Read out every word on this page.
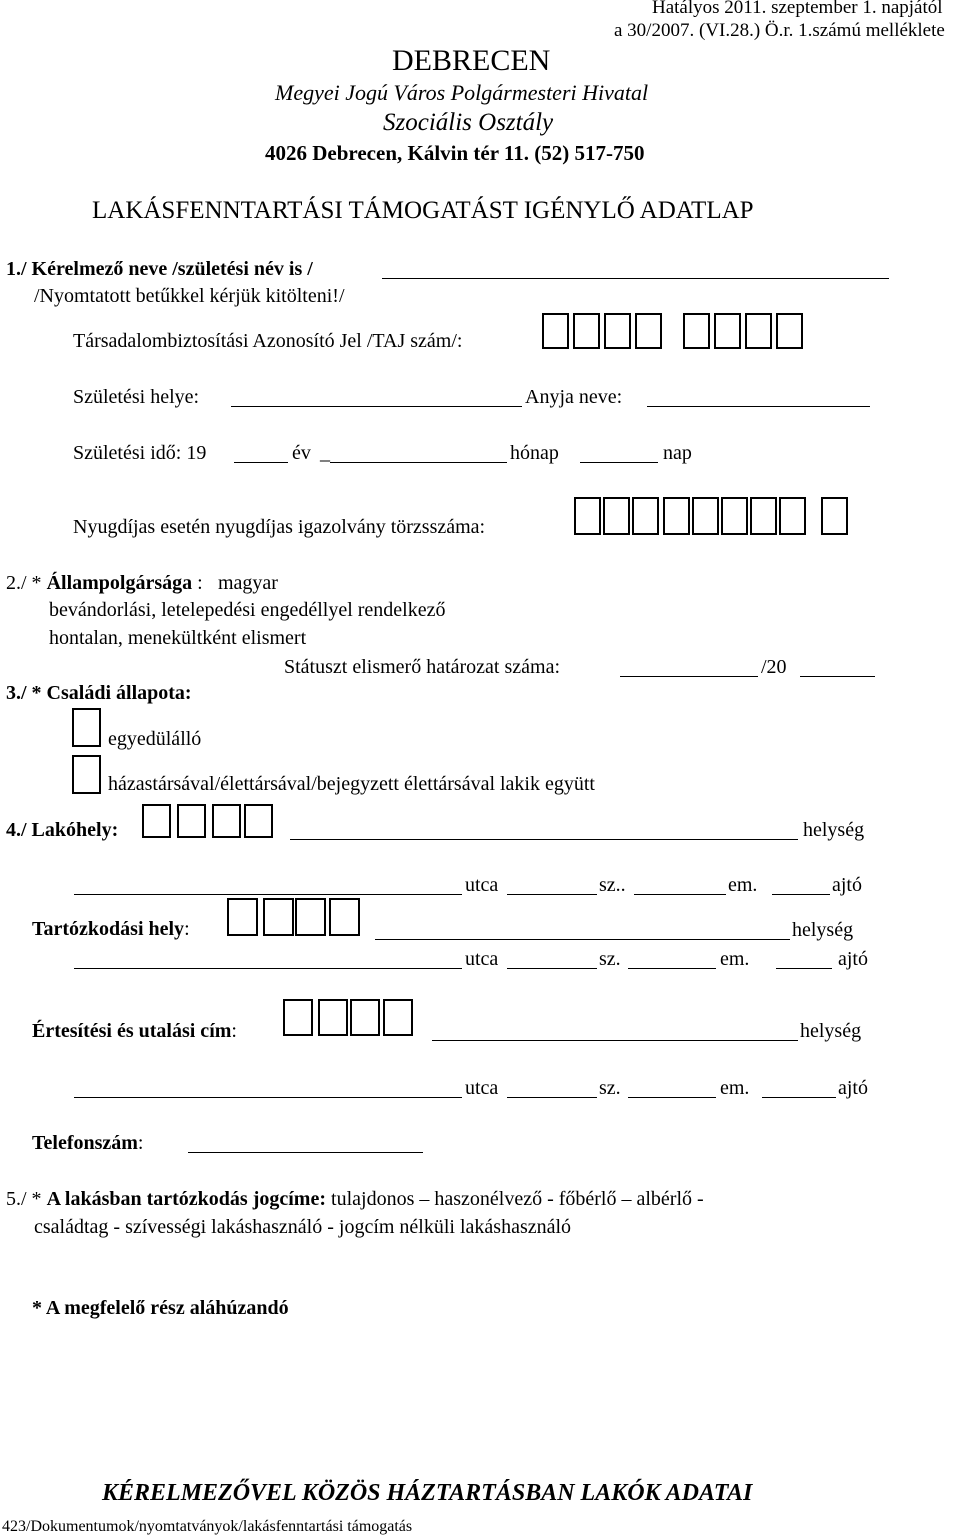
Hatályos 2011. szeptember 1. napjától
a 30/2007. (VI.28.) Ö.r. 1.számú melléklete
DEBRECEN
Megyei Jogú Város Polgármesteri Hivatal
Szociális Osztály
4026 Debrecen, Kálvin tér 11. (52) 517-750
LAKÁSFENNTARTÁSI TÁMOGATÁST IGÉNYLŐ ADATLAP
1./ Kérelmező neve /születési név is /
/Nyomtatott betűkkel kérjük kitölteni!/
Társadalombiztosítási Azonosító Jel /TAJ szám/:
Születési helye:	Anyja neve:
Születési idő: 19	év _	hónap	nap
Nyugdíjas esetén nyugdíjas igazolvány törzsszáma:
2./ * Állampolgársága : magyar
bevándorlási, letelepedési engedéllyel rendelkező
hontalan, menekültként elismert
Státuszt elismerő határozat száma:	/20
3./ * Családi állapota:
egyedülálló
házastársával/élettársával/bejegyzett élettársával lakik együtt
4./ Lakóhely:	helység
utca	sz..	em.	ajtó
Tartózkodási hely:	helység
utca	sz.	em.	ajtó
Értesítési és utalási cím:	helység
utca	sz.	em.	ajtó
Telefonszám:
5./ * A lakásban tartózkodás jogcíme: tulajdonos – haszonélvező - főbérlő – albérlő -
családtag - szívességi lakáshasználó - jogcím nélküli lakáshasználó
* A megfelelő rész aláhúzandó
KÉRELMEZŐVEL KÖZÖS HÁZTARTÁSBAN LAKÓK ADATAI
423/Dokumentumok/nyomtatványok/lakásfenntartási támogatás
